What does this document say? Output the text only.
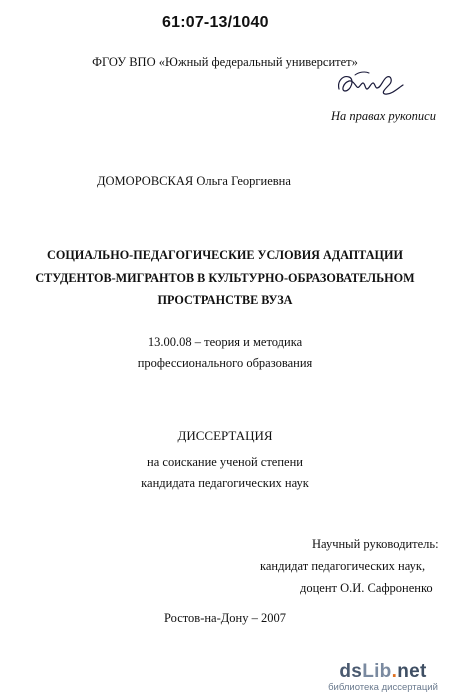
61:07-13/1040
ФГОУ ВПО «Южный федеральный университет»
На правах рукописи
ДОМОРОВСКАЯ Ольга Георгиевна
СОЦИАЛЬНО-ПЕДАГОГИЧЕСКИЕ УСЛОВИЯ АДАПТАЦИИ
СТУДЕНТОВ-МИГРАНТОВ В КУЛЬТУРНО-ОБРАЗОВАТЕЛЬНОМ
ПРОСТРАНСТВЕ ВУЗА
13.00.08 – теория и методика
профессионального образования
ДИССЕРТАЦИЯ
на соискание ученой степени
кандидата педагогических наук
Научный руководитель:
кандидат педагогических наук,
доцент О.И. Сафроненко
Ростов-на-Дону – 2007
dsLib.net
библиотека диссертаций
